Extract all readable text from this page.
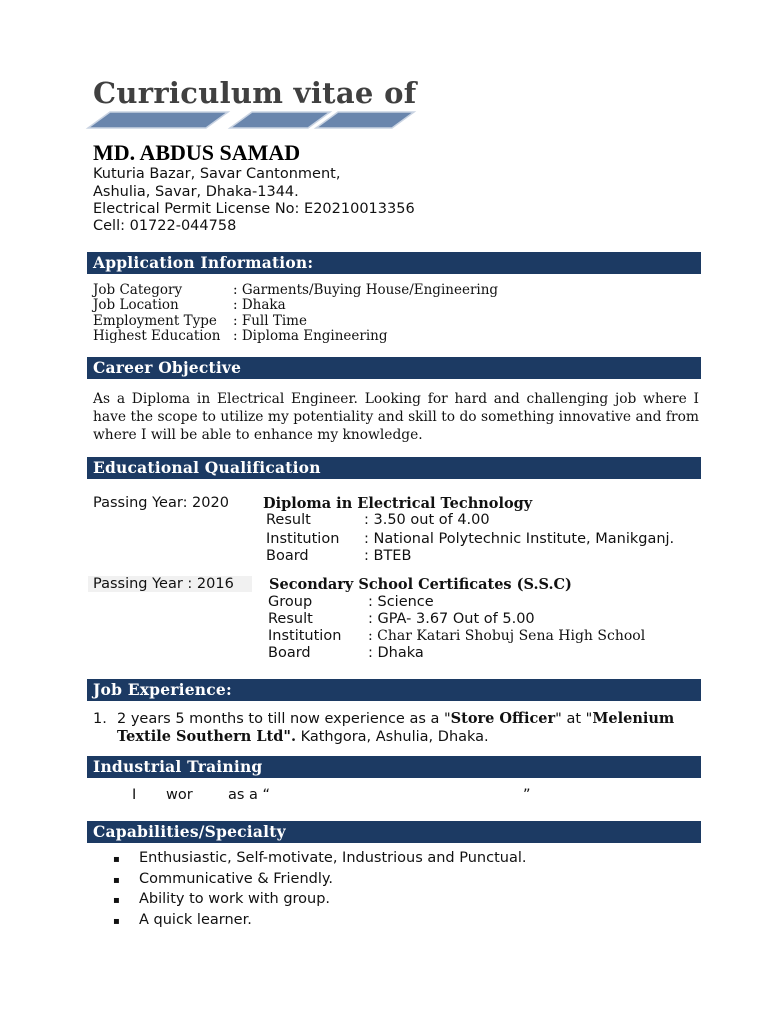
Curriculum vitae of
MD. ABDUS SAMAD
Kuturia Bazar, Savar Cantonment,
Ashulia, Savar, Dhaka-1344.
Electrical Permit License No: E20210013356
Cell: 01722-044758
Application Information:
Job Category	: Garments/Buying House/Engineering
Job Location	: Dhaka
Employment Type : Full Time
Highest Education : Diploma Engineering
Career Objective
As a Diploma in Electrical Engineer. Looking for hard and challenging job where I have the scope to utilize my potentiality and skill to do something innovative and from where I will be able to enhance my knowledge.
Educational Qualification
Passing Year: 2020 Diploma in Electrical Technology
Result	: 3.50 out of 4.00
Institution : National Polytechnic Institute, Manikganj.
Board	: BTEB
Passing Year : 2016	Secondary School Certificates (S.S.C)
Group	: Science
Result	: GPA- 3.67 Out of 5.00
Institution : Char Katari Shobuj Sena High School
Board	: Dhaka
Job Experience:
1. 2 years 5 months to till now experience as a "Store Officer" at "Melenium Textile Southern Ltd". Kathgora, Ashulia, Dhaka.
Industrial Training
I wor as a “	”
Capabilities/Specialty
▪ Enthusiastic, Self-motivate, Industrious and Punctual.
▪ Communicative & Friendly.
▪ Ability to work with group.
▪ A quick learner.
